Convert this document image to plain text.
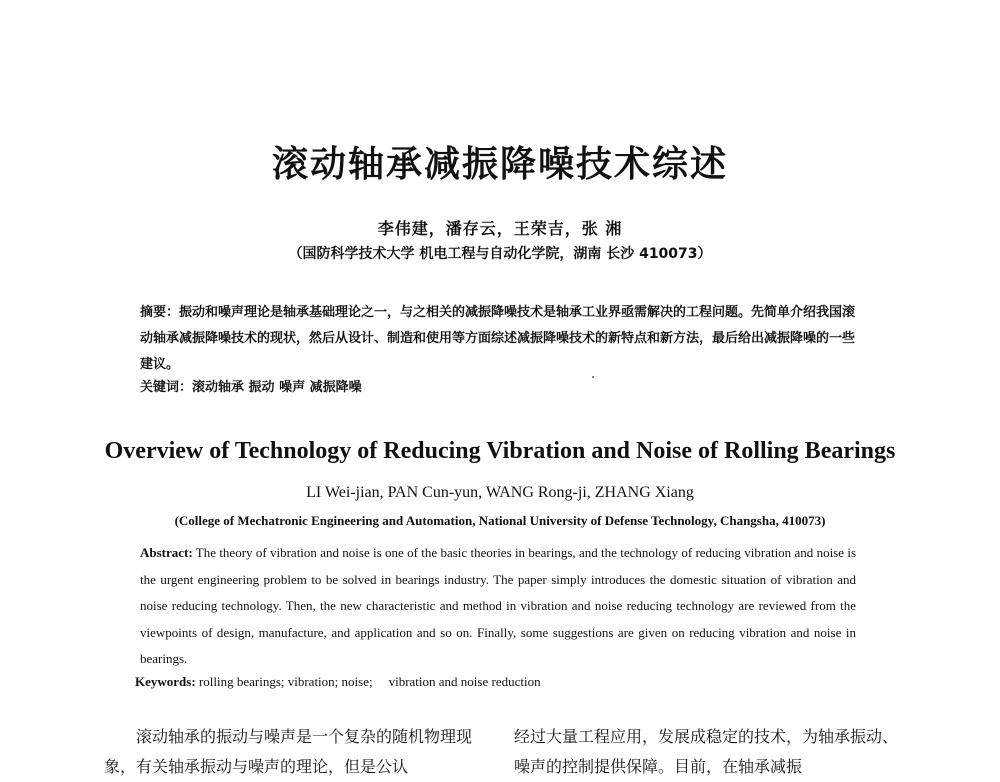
滚动轴承减振降噪技术综述
李伟建，潘存云，王荣吉，张 湘
（国防科学技术大学 机电工程与自动化学院，湖南 长沙 410073）
摘要：振动和噪声理论是轴承基础理论之一，与之相关的减振降噪技术是轴承工业界亟需解决的工程问题。先简单介绍我国滚动轴承减振降噪技术的现状，然后从设计、制造和使用等方面综述减振降噪技术的新特点和新方法，最后给出减振降噪的一些建议。
关键词：滚动轴承 振动 噪声 减振降噪
Overview of Technology of Reducing Vibration and Noise of Rolling Bearings
LI Wei-jian, PAN Cun-yun, WANG Rong-ji, ZHANG Xiang
(College of Mechatronic Engineering and Automation, National University of Defense Technology, Changsha, 410073)
Abstract: The theory of vibration and noise is one of the basic theories in bearings, and the technology of reducing vibration and noise is the urgent engineering problem to be solved in bearings industry. The paper simply introduces the domestic situation of vibration and noise reducing technology. Then, the new characteristic and method in vibration and noise reducing technology are reviewed from the viewpoints of design, manufacture, and application and so on. Finally, some suggestions are given on reducing vibration and noise in bearings.
Keywords: rolling bearings; vibration; noise; vibration and noise reduction
滚动轴承的振动与噪声是一个复杂的随机物理现象，有关轴承振动与噪声的理论，但是公认
经过大量工程应用，发展成稳定的技术，为轴承振动、噪声的控制提供保障。目前，在轴承减振
